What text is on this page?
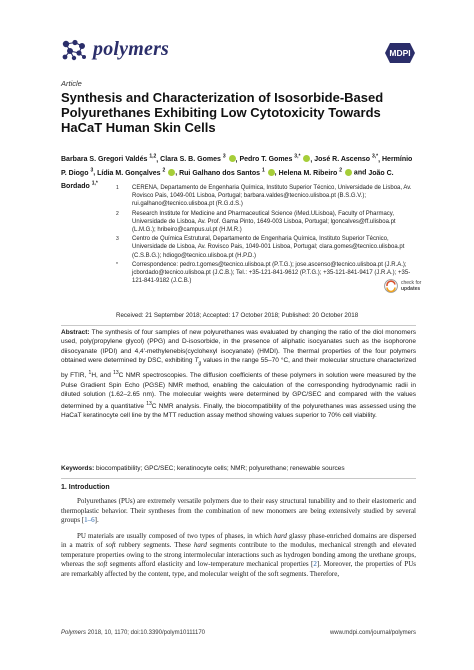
polymers	MDPI
Article
Synthesis and Characterization of Isosorbide-Based Polyurethanes Exhibiting Low Cytotoxicity Towards HaCaT Human Skin Cells
Barbara S. Gregori Valdés $^{1,2}$, Clara S. B. Gomes $^3$ , Pedro T. Gomes $^{3,*}$ , José R. Ascenso $^{3,*}$, Hermínio P. Diogo $^3$, Lídia M. Gonçalves $^2$ , Rui Galhano dos Santos $^1$ , Helena M. Ribeiro $^2$  and João C. Bordado $^{1,*}$
1 CERENA, Departamento de Engenharia Química, Instituto Superior Técnico, Universidade de Lisboa, Av. Rovisco Pais, 1049-001 Lisboa, Portugal; barbara.valdes@tecnico.ulisboa.pt (B.S.G.V.); rui.galhano@tecnico.ulisboa.pt (R.G.d.S.)
2 Research Institute for Medicine and Pharmaceutical Science (iMed.ULisboa), Faculty of Pharmacy, Universidade de Lisboa, Av. Prof. Gama Pinto, 1649-003 Lisboa, Portugal; lgoncalves@ff.ulisboa.pt (L.M.G.); hribeiro@campus.ul.pt (H.M.R.)
3 Centro de Química Estrutural, Departamento de Engenharia Química, Instituto Superior Técnico, Universidade de Lisboa, Av. Rovisco Pais, 1049-001 Lisboa, Portugal; clara.gomes@tecnico.ulisboa.pt (C.S.B.G.); hdiogo@tecnico.ulisboa.pt (H.P.D.)
* Correspondence: pedro.t.gomes@tecnico.ulisboa.pt (P.T.G.); jose.ascenso@tecnico.ulisboa.pt (J.R.A.); jcbordado@tecnico.ulisboa.pt (J.C.B.); Tel.: +35-121-841-9612 (P.T.G.); +35-121-841-9417 (J.R.A.); +35-121-841-9182 (J.C.B.)	check for
updates
Received: 21 September 2018; Accepted: 17 October 2018; Published: 20 October 2018
Abstract: The synthesis of four samples of new polyurethanes was evaluated by changing the ratio of the diol monomers used, poly(propylene glycol) (PPG) and D-isosorbide, in the presence of aliphatic isocyanates such as the isophorone diisocyanate (IPDI) and 4,4′-methylenebis(cyclohexyl isocyanate) (HMDI). The thermal properties of the four polymers obtained were determined by DSC, exhibiting $T_g$ values in the range 55–70 °C, and their molecular structure characterized by FTIR, $^1$H, and $^{13}$C NMR spectroscopies. The diffusion coefficients of these polymers in solution were measured by the Pulse Gradient Spin Echo (PGSE) NMR method, enabling the calculation of the corresponding hydrodynamic radii in diluted solution (1.62–2.65 nm). The molecular weights were determined by GPC/SEC and compared with the values determined by a quantitative $^{13}$C NMR analysis. Finally, the biocompatibility of the polyurethanes was assessed using the HaCaT keratinocyte cell line by the MTT reduction assay method showing values superior to 70% cell viability.
Keywords: biocompatibility; GPC/SEC; keratinocyte cells; NMR; polyurethane; renewable sources
1. Introduction

Polyurethanes (PUs) are extremely versatile polymers due to their easy structural tunability and to their elastomeric and thermoplastic behavior. Their syntheses from the combination of new monomers are being extensively studied by several groups [1–6].

PU materials are usually composed of two types of phases, in which hard glassy phase-enriched domains are dispersed in a matrix of soft rubbery segments. These hard segments contribute to the modulus, mechanical strength and elevated temperature properties owing to the strong intermolecular interactions such as hydrogen bonding among the urethane groups, whereas the soft segments afford elasticity and low-temperature mechanical properties [2]. Moreover, the properties of PUs are remarkably affected by the content, type, and molecular weight of the soft segments. Therefore,

Polymers 2018, 10, 1170; doi:10.3390/polym10111170	www.mdpi.com/journal/polymers
